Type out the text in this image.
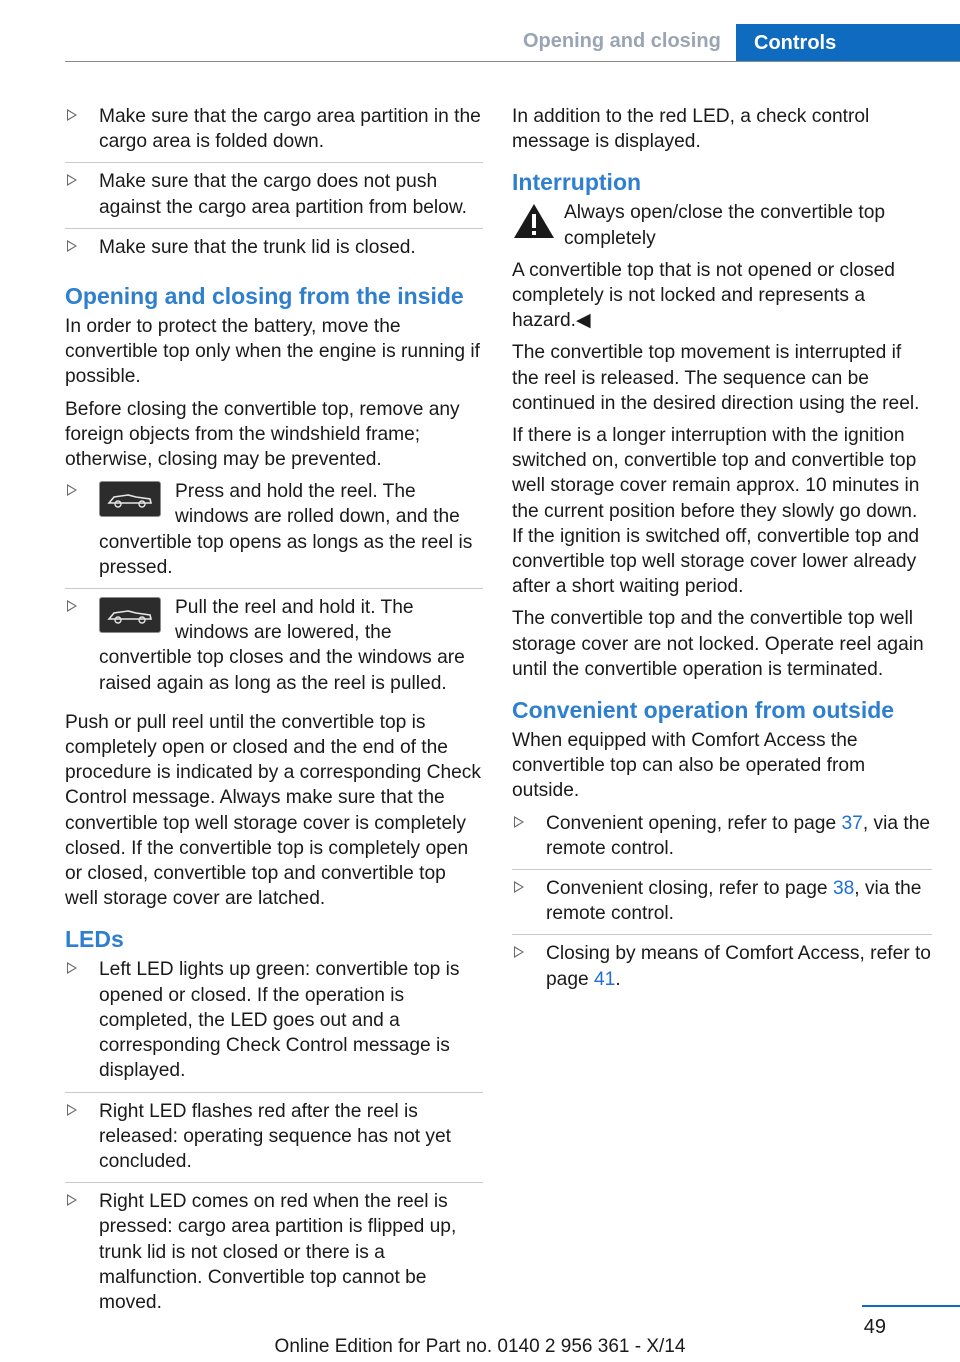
Opening and closing	Controls
Make sure that the cargo area partition in the cargo area is folded down.
Make sure that the cargo does not push against the cargo area partition from below.
Make sure that the trunk lid is closed.
Opening and closing from the inside

In order to protect the battery, move the convertible top only when the engine is running if possible.

Before closing the convertible top, remove any foreign objects from the windshield frame; otherwise, closing may be prevented.

Press and hold the reel. The windows are rolled down, and the convertible top opens as longs as the reel is pressed.
Pull the reel and hold it. The windows are lowered, the convertible top closes and the windows are raised again as long as the reel is pulled.

Push or pull reel until the convertible top is completely open or closed and the end of the procedure is indicated by a corresponding Check Control message. Always make sure that the convertible top well storage cover is completely closed. If the convertible top is completely open or closed, convertible top and convertible top well storage cover are latched.

LEDs
Left LED lights up green: convertible top is opened or closed. If the operation is completed, the LED goes out and a corresponding Check Control message is displayed.
Right LED flashes red after the reel is released: operating sequence has not yet concluded.
Right LED comes on red when the reel is pressed: cargo area partition is flipped up, trunk lid is not closed or there is a malfunction. Convertible top cannot be moved.

In addition to the red LED, a check control message is displayed.

Interruption

Always open/close the convertible top completely

A convertible top that is not opened or closed completely is not locked and represents a hazard.◀

The convertible top movement is interrupted if the reel is released. The sequence can be continued in the desired direction using the reel.

If there is a longer interruption with the ignition switched on, convertible top and convertible top well storage cover remain approx. 10 minutes in the current position before they slowly go down. If the ignition is switched off, convertible top and convertible top well storage cover lower already after a short waiting period.

The convertible top and the convertible top well storage cover are not locked. Operate reel again until the convertible operation is terminated.

Convenient operation from outside

When equipped with Comfort Access the convertible top can also be operated from outside.

Convenient opening, refer to page 37, via the remote control.
Convenient closing, refer to page 38, via the remote control.
Closing by means of Comfort Access, refer to page 41.
49
Online Edition for Part no. 0140 2 956 361 - X/14
